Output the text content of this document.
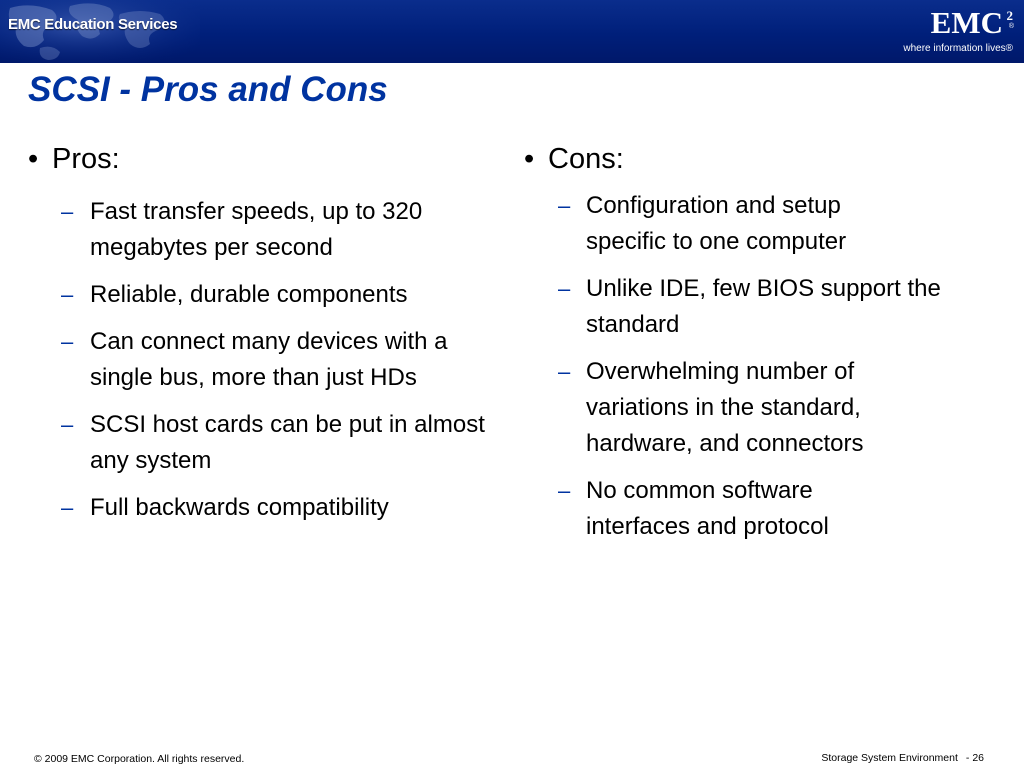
EMC Education Services	EMC 2
®
where information lives®
SCSI - Pros and Cons
• Pros:
– Fast transfer speeds, up to 320 megabytes per second
– Reliable, durable components
– Can connect many devices with a single bus, more than just HDs
– SCSI host cards can be put in almost any system
– Full backwards compatibility
• Cons:
– Configuration and setup specific to one computer
– Unlike IDE, few BIOS support the standard
– Overwhelming number of variations in the standard, hardware, and connectors
– No common software interfaces and protocol
© 2009 EMC Corporation. All rights reserved.	Storage System Environment - 26
